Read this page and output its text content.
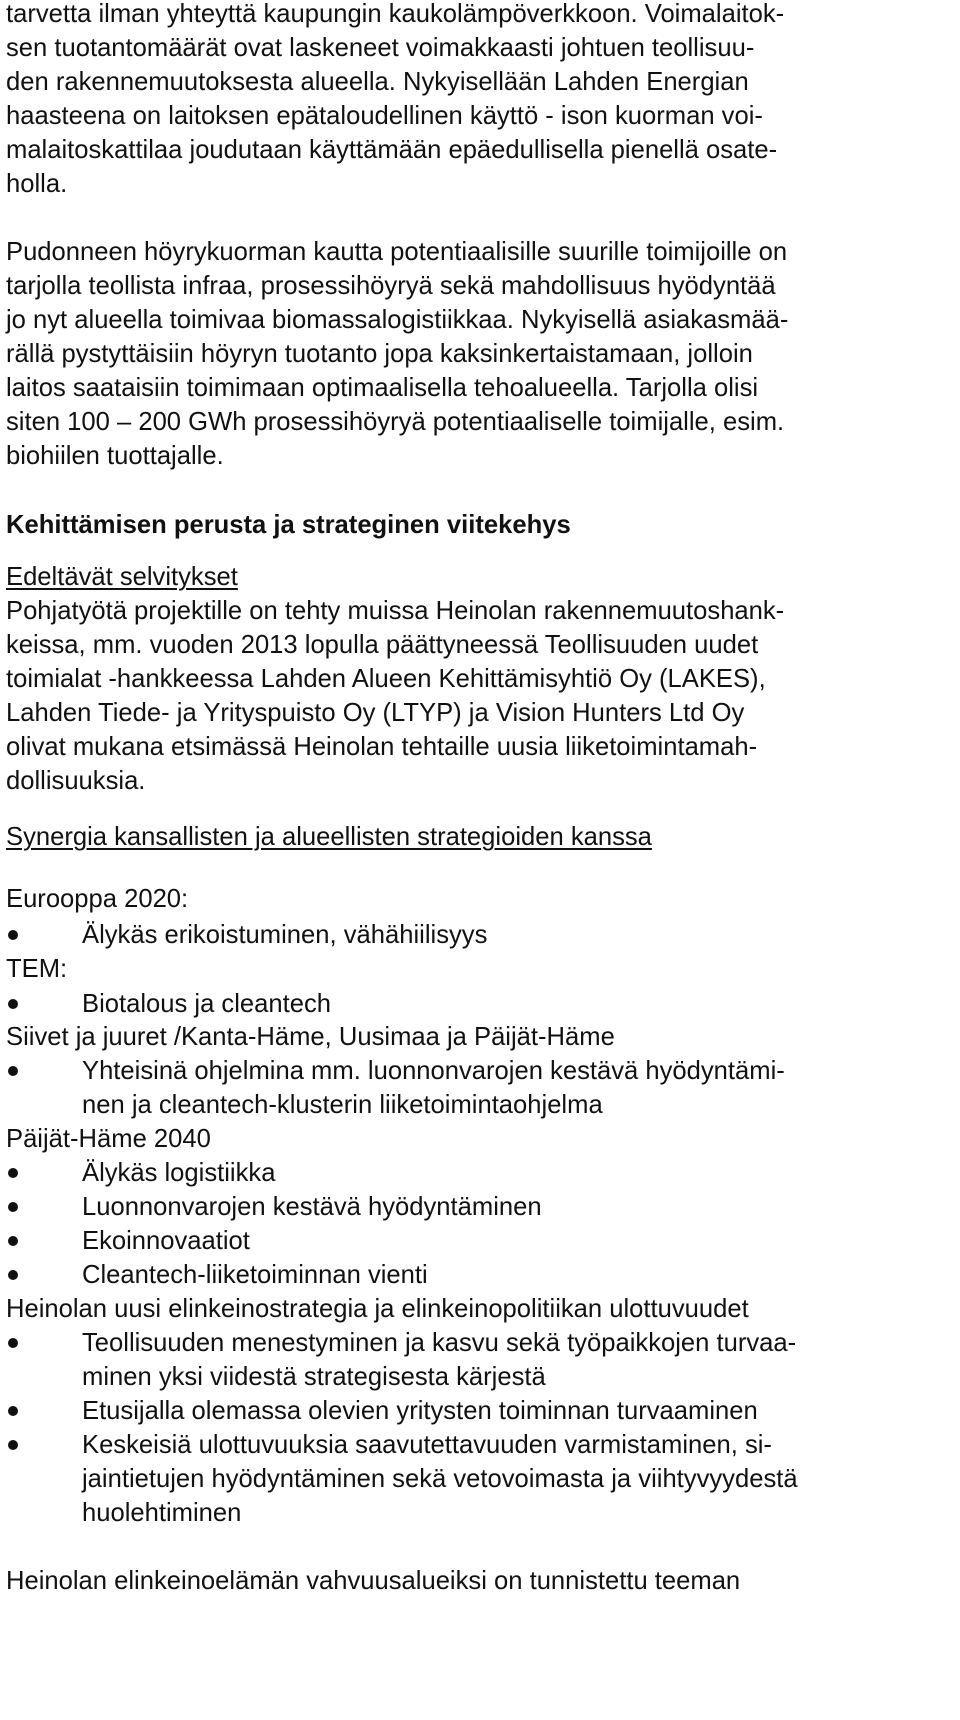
tarvetta ilman yhteyttä kaupungin kaukolämpöverkkoon. Voimalaitok-
sen tuotantomäärät ovat laskeneet voimakkaasti johtuen teollisuu-
den rakennemuutoksesta alueella. Nykyisellään Lahden Energian
haasteena on laitoksen epätaloudellinen käyttö - ison kuorman voi-
malaitoskattilaa joudutaan käyttämään epäedullisella pienellä osate-
holla.
Pudonneen höyrykuorman kautta potentiaalisille suurille toimijoille on
tarjolla teollista infraa, prosessihöyryä sekä mahdollisuus hyödyntää
jo nyt alueella toimivaa biomassalogistiikkaa. Nykyisellä asiakasmää-
rällä pystyttäisiin höyryn tuotanto jopa kaksinkertaistamaan, jolloin
laitos saataisiin toimimaan optimaalisella tehoalueella. Tarjolla olisi
siten 100 – 200 GWh prosessihöyryä potentiaaliselle toimijalle, esim.
biohiilen tuottajalle.
Kehittämisen perusta ja strateginen viitekehys
Edeltävät selvitykset
Pohjatyötä projektille on tehty muissa Heinolan rakennemuutoshank-
keissa, mm. vuoden 2013 lopulla päättyneessä Teollisuuden uudet
toimialat -hankkeessa Lahden Alueen Kehittämisyhtiö Oy (LAKES),
Lahden Tiede- ja Yrityspuisto Oy (LTYP) ja Vision Hunters Ltd Oy
olivat mukana etsimässä Heinolan tehtaille uusia liiketoimintamah-
dollisuuksia.
Synergia kansallisten ja alueellisten strategioiden kanssa
Eurooppa 2020:
Älykäs erikoistuminen, vähähiilisyys
TEM:
Biotalous ja cleantech
Siivet ja juuret /Kanta-Häme, Uusimaa ja Päijät-Häme
Yhteisinä ohjelmina mm. luonnonvarojen kestävä hyödyntämi-
nen ja cleantech-klusterin liiketoimintaohjelma
Päijät-Häme 2040
Älykäs logistiikka
Luonnonvarojen kestävä hyödyntäminen
Ekoinnovaatiot
Cleantech-liiketoiminnan vienti
Heinolan uusi elinkeinostrategia ja elinkeinopolitiikan ulottuvuudet
Teollisuuden menestyminen ja kasvu sekä työpaikkojen turvaa-
minen yksi viidestä strategisesta kärjestä
Etusijalla olemassa olevien yritysten toiminnan turvaaminen
Keskeisiä ulottuvuuksia saavutettavuuden varmistaminen, si-
jaintietujen hyödyntäminen sekä vetovoimasta ja viihtyvyydestä
huolehtiminen
Heinolan elinkeinoelämän vahvuusalueiksi on tunnistettu teeman
